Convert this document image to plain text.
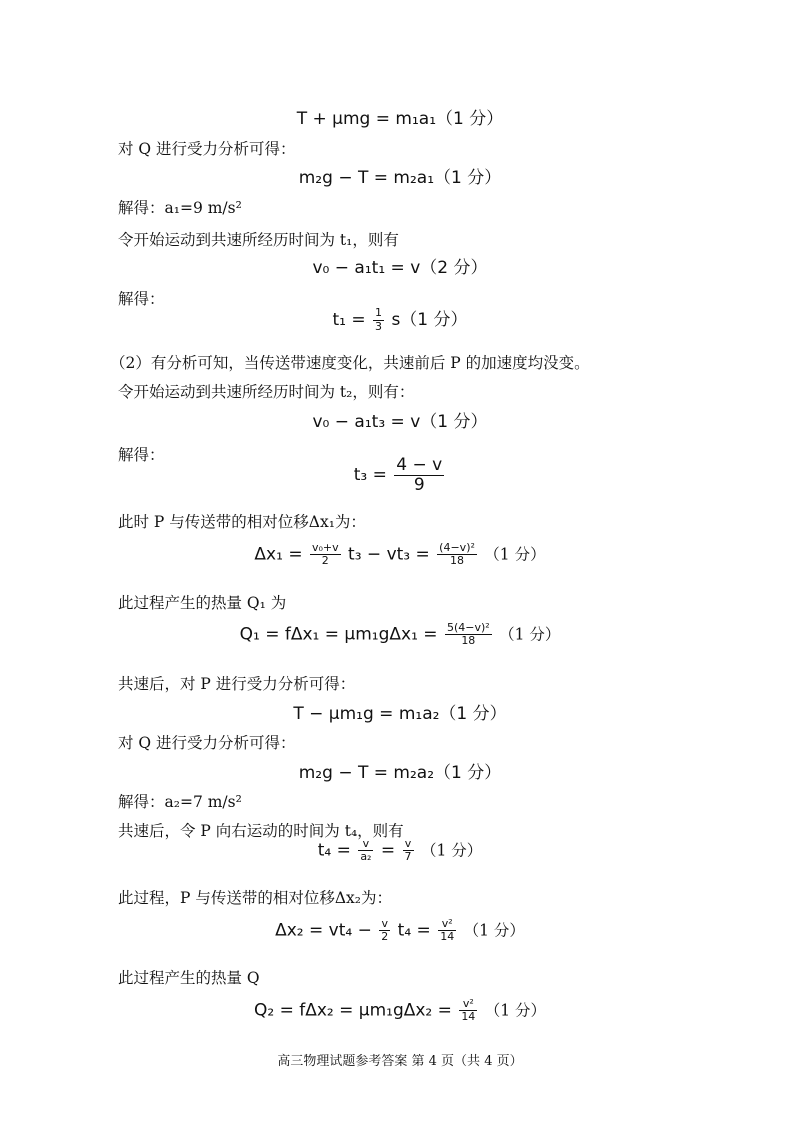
T + μmg = m₁a₁（1 分）
对 Q 进行受力分析可得：
m₂g − T = m₂a₁（1 分）
解得：a₁=9 m/s²
令开始运动到共速所经历时间为 t₁，则有
v₀ − a₁t₁ = v（2 分）
解得：
$t_1 = \frac{1}{3} s(1$ 分）
（2）有分析可知，当传送带速度变化，共速前后 P 的加速度均没变。
令开始运动到共速所经历时间为 t₂，则有：
v₀ − a₁t₃ = v（1 分）
解得：
$t_3 = \frac{4 - v}{9}$
此时 P 与传送带的相对位移Δx₁为：
$\Delta x_1 = \frac{\text{v₀+v}}{2} t_3 - vt_3 = \frac{\text{(4−v)²}}{18} (1$ 分）
此过程产生的热量 Q₁ 为
$Q_1 = f\Delta x_1 = \mu m_1g\Delta x_1 = \frac{\text{5(4−v)²}}{18} (1$ 分）
共速后，对 P 进行受力分析可得：
T − μm₁g = m₁a₂（1 分）
对 Q 进行受力分析可得：
m₂g − T = m₂a₂（1 分）
解得：a₂=7 m/s²
共速后，令 P 向右运动的时间为 t₄，则有
$t_4 = \frac{v}{\text{a₂}} = \frac{v}{7} (1$ 分）
此过程，P 与传送带的相对位移Δx₂为：
$\Delta x_2 = vt_4 - \frac{v}{2} t_4 = \frac{\text{v²}}{14} (1$ 分）
此过程产生的热量 Q
$Q_2 = f\Delta x_2 = \mu m_1g\Delta x_2 = \frac{\text{v²}}{14} (1$ 分）
高三物理试题参考答案 第 4 页（共 4 页）
